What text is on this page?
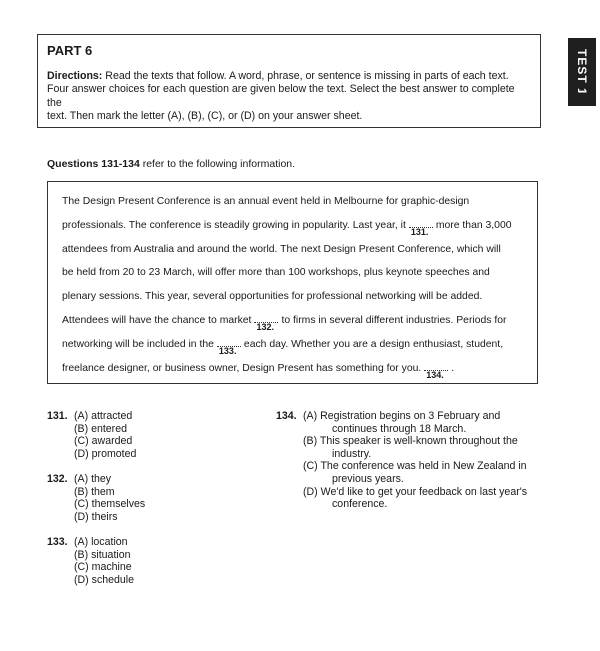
PART 6
Directions: Read the texts that follow. A word, phrase, or sentence is missing in parts of each text.
Four answer choices for each question are given below the text. Select the best answer to complete the
text. Then mark the letter (A), (B), (C), or (D) on your answer sheet.
TEST 1
Questions 131-134 refer to the following information.
The Design Present Conference is an annual event held in Melbourne for graphic-design
professionals. The conference is steadily growing in popularity. Last year, it
131.
more than 3,000
attendees from Australia and around the world. The next Design Present Conference, which will
be held from 20 to 23 March, will offer more than 100 workshops, plus keynote speeches and
plenary sessions. This year, several opportunities for professional networking will be added.
Attendees will have the chance to market
132.
to firms in several different industries. Periods for
networking will be included in the
133.
each day. Whether you are a design enthusiast, student,
freelance designer, or business owner, Design Present has something for you.
134.
.
131. (A) attracted
(B) entered
(C) awarded
(D) promoted
132. (A) they
(B) them
(C) themselves
(D) theirs
133. (A) location
(B) situation
(C) machine
(D) schedule
134. (A) Registration begins on 3 February and
continues through 18 March.
(B) This speaker is well-known throughout the
industry.
(C) The conference was held in New Zealand in
previous years.
(D) We'd like to get your feedback on last year's
conference.
